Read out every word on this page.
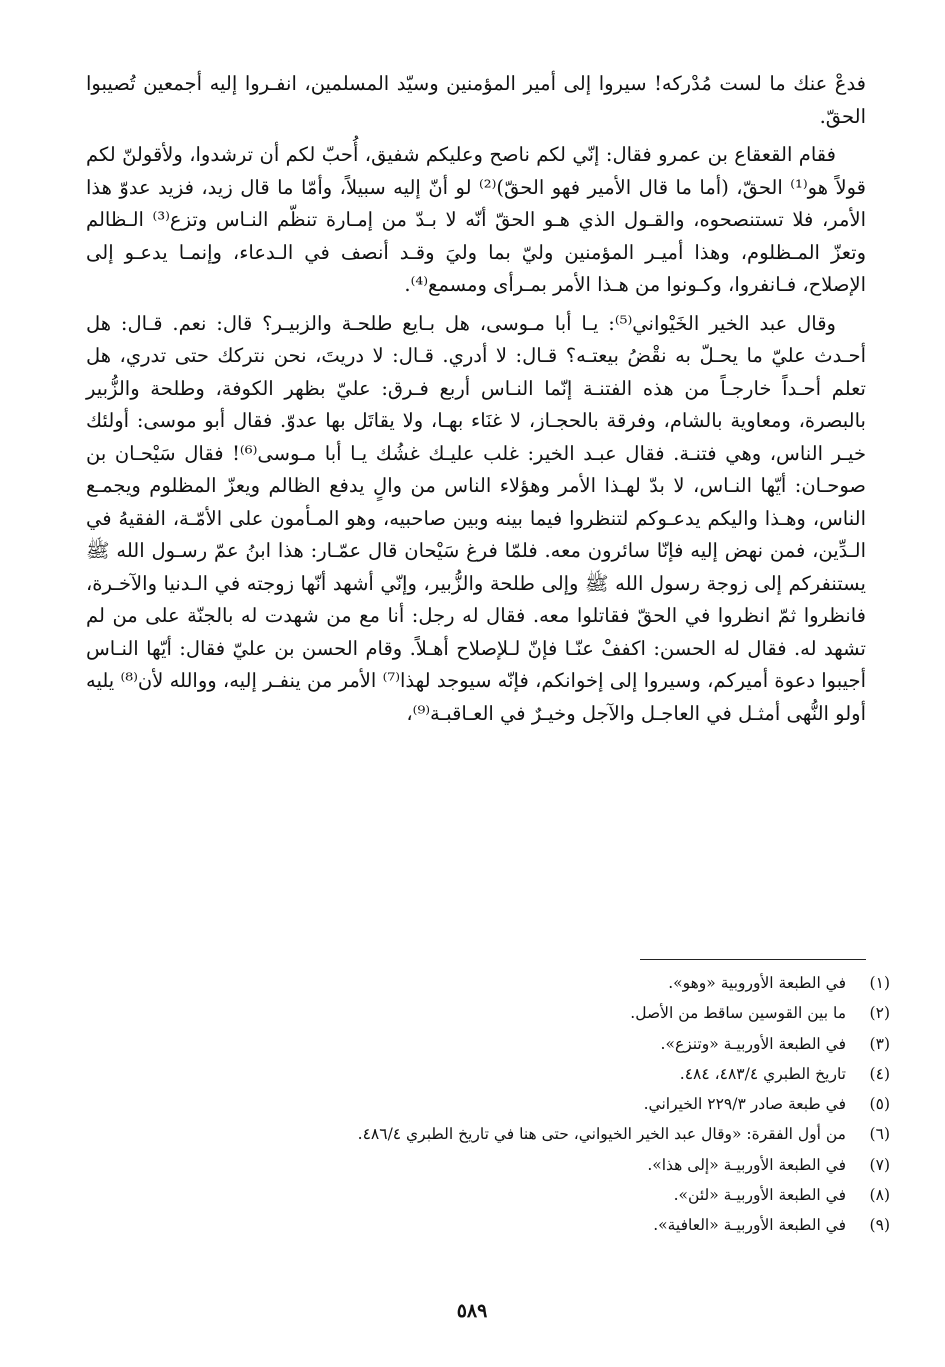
فدعْ عنك ما لست مُدْركه! سيروا إلى أمير المؤمنين وسيّد المسلمين، انفـروا إليه أجمعين تُصيبوا الحقّ.

فقام القعقاع بن عمرو فقال: إنّي لكم ناصح وعليكم شفيق، أُحبّ لكم أن ترشدوا، ولأقولنّ لكم قولاً هو⁽¹⁾ الحقّ، (أما ما قال الأمير فهو الحقّ)⁽²⁾ لو أنّ إليه سبيلاً، وأمّا ما قال زيد، فزيد عدوّ هذا الأمر، فلا تستنصحوه، والقـول الذي هـو الحقّ أنّه لا بـدّ من إمـارة تنظّم النـاس وتزع⁽³⁾ الـظالم وتعزّ المـظلوم، وهذا أميـر المؤمنين وليّ بما وليَ وقـد أنصف في الـدعاء، وإنمـا يدعـو إلى الإصلاح، فـانفروا، وكـونوا من هـذا الأمر بمـرأى ومسمع⁽⁴⁾.

وقال عبد الخير الخَيْواني⁽⁵⁾: يـا أبا مـوسى، هل بـايع طلحـة والزبيـر؟ قال: نعم. قـال: هل أحـدث عليّ ما يحـلّ به نقْضُ بيعتـه؟ قـال: لا أدري. قـال: لا دريتَ، نحن نتركك حتى تدري، هل تعلم أحـداً خارجـاً من هذه الفتنـة إنّما النـاس أربع فـرق: عليّ بظهر الكوفة، وطلحة والزُّبير بالبصرة، ومعاوية بالشام، وفرقة بالحجـاز، لا غنَاء بهـا، ولا يقاتَل بها عدوّ. فقال أبو موسى: أولئك خيـر الناس، وهي فتنـة. فقال عبـد الخير: غلب عليـك غشُك يـا أبا مـوسى⁽⁶⁾! فقال سَيْحـان بن صوحـان: أيّها النـاس، لا بدّ لهـذا الأمر وهؤلاء الناس من والٍ يدفع الظالم ويعزّ المظلوم ويجمـع الناس، وهـذا واليكم يدعـوكم لتنظروا فيما بينه وبين صاحبيه، وهو المـأمون على الأمّـة، الفقيهُ في الـدِّين، فمن نهض إليه فإنّا سائرون معه. فلمّا فرغ سَيْحان قال عمّـار: هذا ابنُ عمّ رسـول الله ﷺ يستنفركم إلى زوجة رسول الله ﷺ وإلى طلحة والزُّبير، وإنّي أشهد أنّها زوجته في الـدنيا والآخـرة، فانظروا ثمّ انظروا في الحقّ فقاتلوا معه. فقال له رجل: أنا مع من شهدت له بالجنّة على من لم تشهد له. فقال له الحسن: اكففْ عنّـا فإنّ لـلإصلاح أهـلاً. وقام الحسن بن عليّ فقال: أيّها النـاس أجيبوا دعوة أميركم، وسيروا إلى إخوانكم، فإنّه سيوجد لهذا⁽⁷⁾ الأمر من ينفـر إليه، ووالله لأن⁽⁸⁾ يليه أولو النُّهى أمثـل في العاجـل والآجل وخيـرٌ في العـاقبـة⁽⁹⁾،

(١)
في الطبعة الأوروبية «وهو».
(٢)
ما بين القوسين ساقط من الأصل.
(٣)
في الطبعة الأوربيـة «وتنزع».
(٤)
تاريخ الطبري ٤٨٣/٤، ٤٨٤.
(٥)
في طبعة صادر ٢٢٩/٣ الخيراني.
(٦)
من أول الفقرة: «وقال عبد الخير الخيواني، حتى هنا في تاريخ الطبري ٤٨٦/٤.
(٧)
في الطبعة الأوربيـة «إلى هذا».
(٨)
في الطبعة الأوربيـة «لئن».
(٩)
في الطبعة الأوربيـة «العافية».
٥٨٩
